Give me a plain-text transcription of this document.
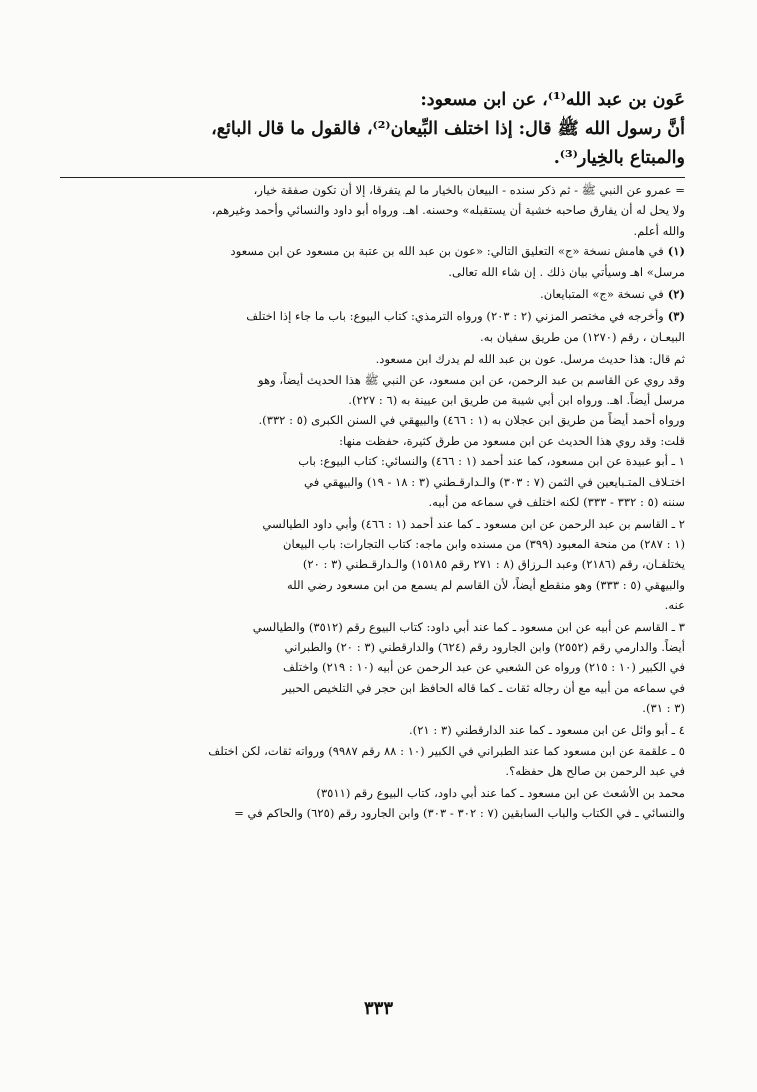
عَون بن عبد الله⁽¹⁾، عن ابن مسعود:

أنَّ رسول الله ﷺ قال: إذا اختلف البِّيعان⁽²⁾، فالقول ما قال البائع،

والمبتاع بالخِيار⁽³⁾.

= عمرو عن النبي ﷺ - ثم ذكر سنده - البيعان بالخيار ما لم يتفرقا، إلا أن تكون صفقة خيار،

ولا يحل له أن يفارق صاحبه خشية أن يستقبله» وحسنه. اهـ. ورواه أبو داود والنسائي وأحمد وغيرهم،

والله أعلم.

(١)في هامش نسخة «ج» التعليق التالي: «عون بن عبد الله بن عتبة بن مسعود عن ابن مسعود

مرسل» اهـ وسيأتي بيان ذلك . إن شاء الله تعالى.

(٢)في نسخة «ج» المتبايعان.

(٣)وأخرجه في مختصر المزني (٢ : ٢٠٣) ورواه الترمذي: كتاب البيوع: باب ما جاء إذا اختلف

البيعـان ، رقم (١٢٧٠) من طريق سفيان به.

ثم قال: هذا حديث مرسل. عون بن عبد الله لم يدرك ابن مسعود.

وقد روي عن القاسم بن عبد الرحمن، عن ابن مسعود، عن النبي ﷺ هذا الحديث أيضاً، وهو

مرسل أيضاً. اهـ. ورواه ابن أبي شيبة من طريق ابن عيينة به (٦ : ٢٢٧).

ورواه أحمد أيضاً من طريق ابن عجلان به (١ : ٤٦٦) والبيهقي في السنن الكبرى (٥ : ٣٣٢).

قلت: وقد روي هذا الحديث عن ابن مسعود من طرق كثيرة، حفظت منها:

١ ـ أبو عبيدة عن ابن مسعود، كما عند أحمد (١ : ٤٦٦) والنسائي: كتاب البيوع: باب

اختـلاف المتـبايعين في الثمن (٧ : ٣٠٣) والـدارقـطني (٣ : ١٨ - ١٩) والبيهقي في

سننه (٥ : ٣٣٢ - ٣٣٣) لكنه اختلف في سماعه من أبيه.

٢ ـ القاسم بن عبد الرحمن عن ابن مسعود ـ كما عند أحمد (١ : ٤٦٦) وأبي داود الطيالسي

(١ : ٢٨٧) من منحة المعبود (٣٩٩) من مسنده وابن ماجه: كتاب التجارات: باب البيعان

يختلفـان، رقم (٢١٨٦) وعبد الـرزاق (٨ : ٢٧١ رقم ١٥١٨٥) والـدارقـطني (٣ : ٢٠)

والبيهقي (٥ : ٣٣٣) وهو منقطع أيضاً، لأن القاسم لم يسمع من ابن مسعود رضي الله

عنه.

٣ ـ القاسم عن أبيه عن ابن مسعود ـ كما عند أبي داود: كتاب البيوع رقم (٣٥١٢) والطيالسي

أيضاً. والدارمي رقم (٢٥٥٢) وابن الجارود رقم (٦٢٤) والدارقطني (٣ : ٢٠) والطبراني

في الكبير (١٠ : ٢١٥) ورواه عن الشعبي عن عبد الرحمن عن أبيه (١٠ : ٢١٩) واختلف

في سماعه من أبيه مع أن رجاله ثقات ـ كما قاله الحافظ ابن حجر في التلخيص الحبير

(٣ : ٣١).

٤ ـ أبو وائل عن ابن مسعود ـ كما عند الدارقطني (٣ : ٢١).

٥ ـ علقمة عن ابن مسعود كما عند الطبراني في الكبير (١٠ : ٨٨ رقم ٩٩٨٧) ورواته ثقات، لكن اختلف

في عبد الرحمن بن صالح هل حفظه؟.

محمد بن الأشعث عن ابن مسعود ـ كما عند أبي داود، كتاب البيوع رقم (٣٥١١)

والنسائي ـ في الكتاب والباب السابقين (٧ : ٣٠٢ - ٣٠٣) وابن الجارود رقم (٦٢٥) والحاكم في =

٣٣٣
